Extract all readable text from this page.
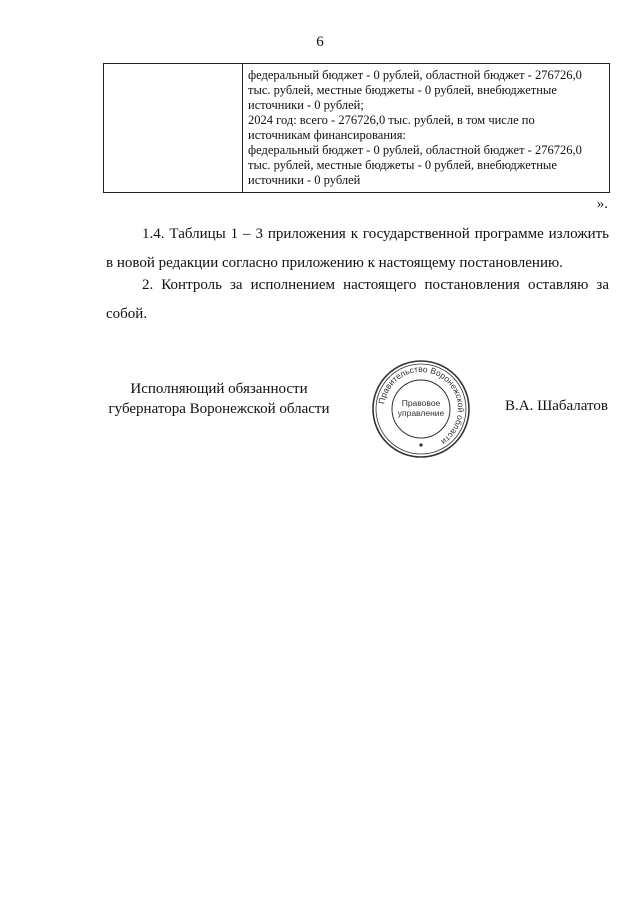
6

федеральный бюджет - 0 рублей, областной бюджет - 276726,0
тыс. рублей, местные бюджеты - 0 рублей, внебюджетные
источники - 0 рублей;
2024 год: всего - 276726,0 тыс. рублей, в том числе по
источникам финансирования:
федеральный бюджет - 0 рублей, областной бюджет - 276726,0
тыс. рублей, местные бюджеты - 0 рублей, внебюджетные
источники - 0 рублей
».

1.4. Таблицы 1 – 3 приложения к государственной программе изложить в новой редакции согласно приложению к настоящему постановлению.

2. Контроль за исполнением настоящего постановления оставляю за собой.

Исполняющий обязанности
губернатора Воронежской области
Правительство Воронежской области
Правовое
управление	В.А. Шабалатов
